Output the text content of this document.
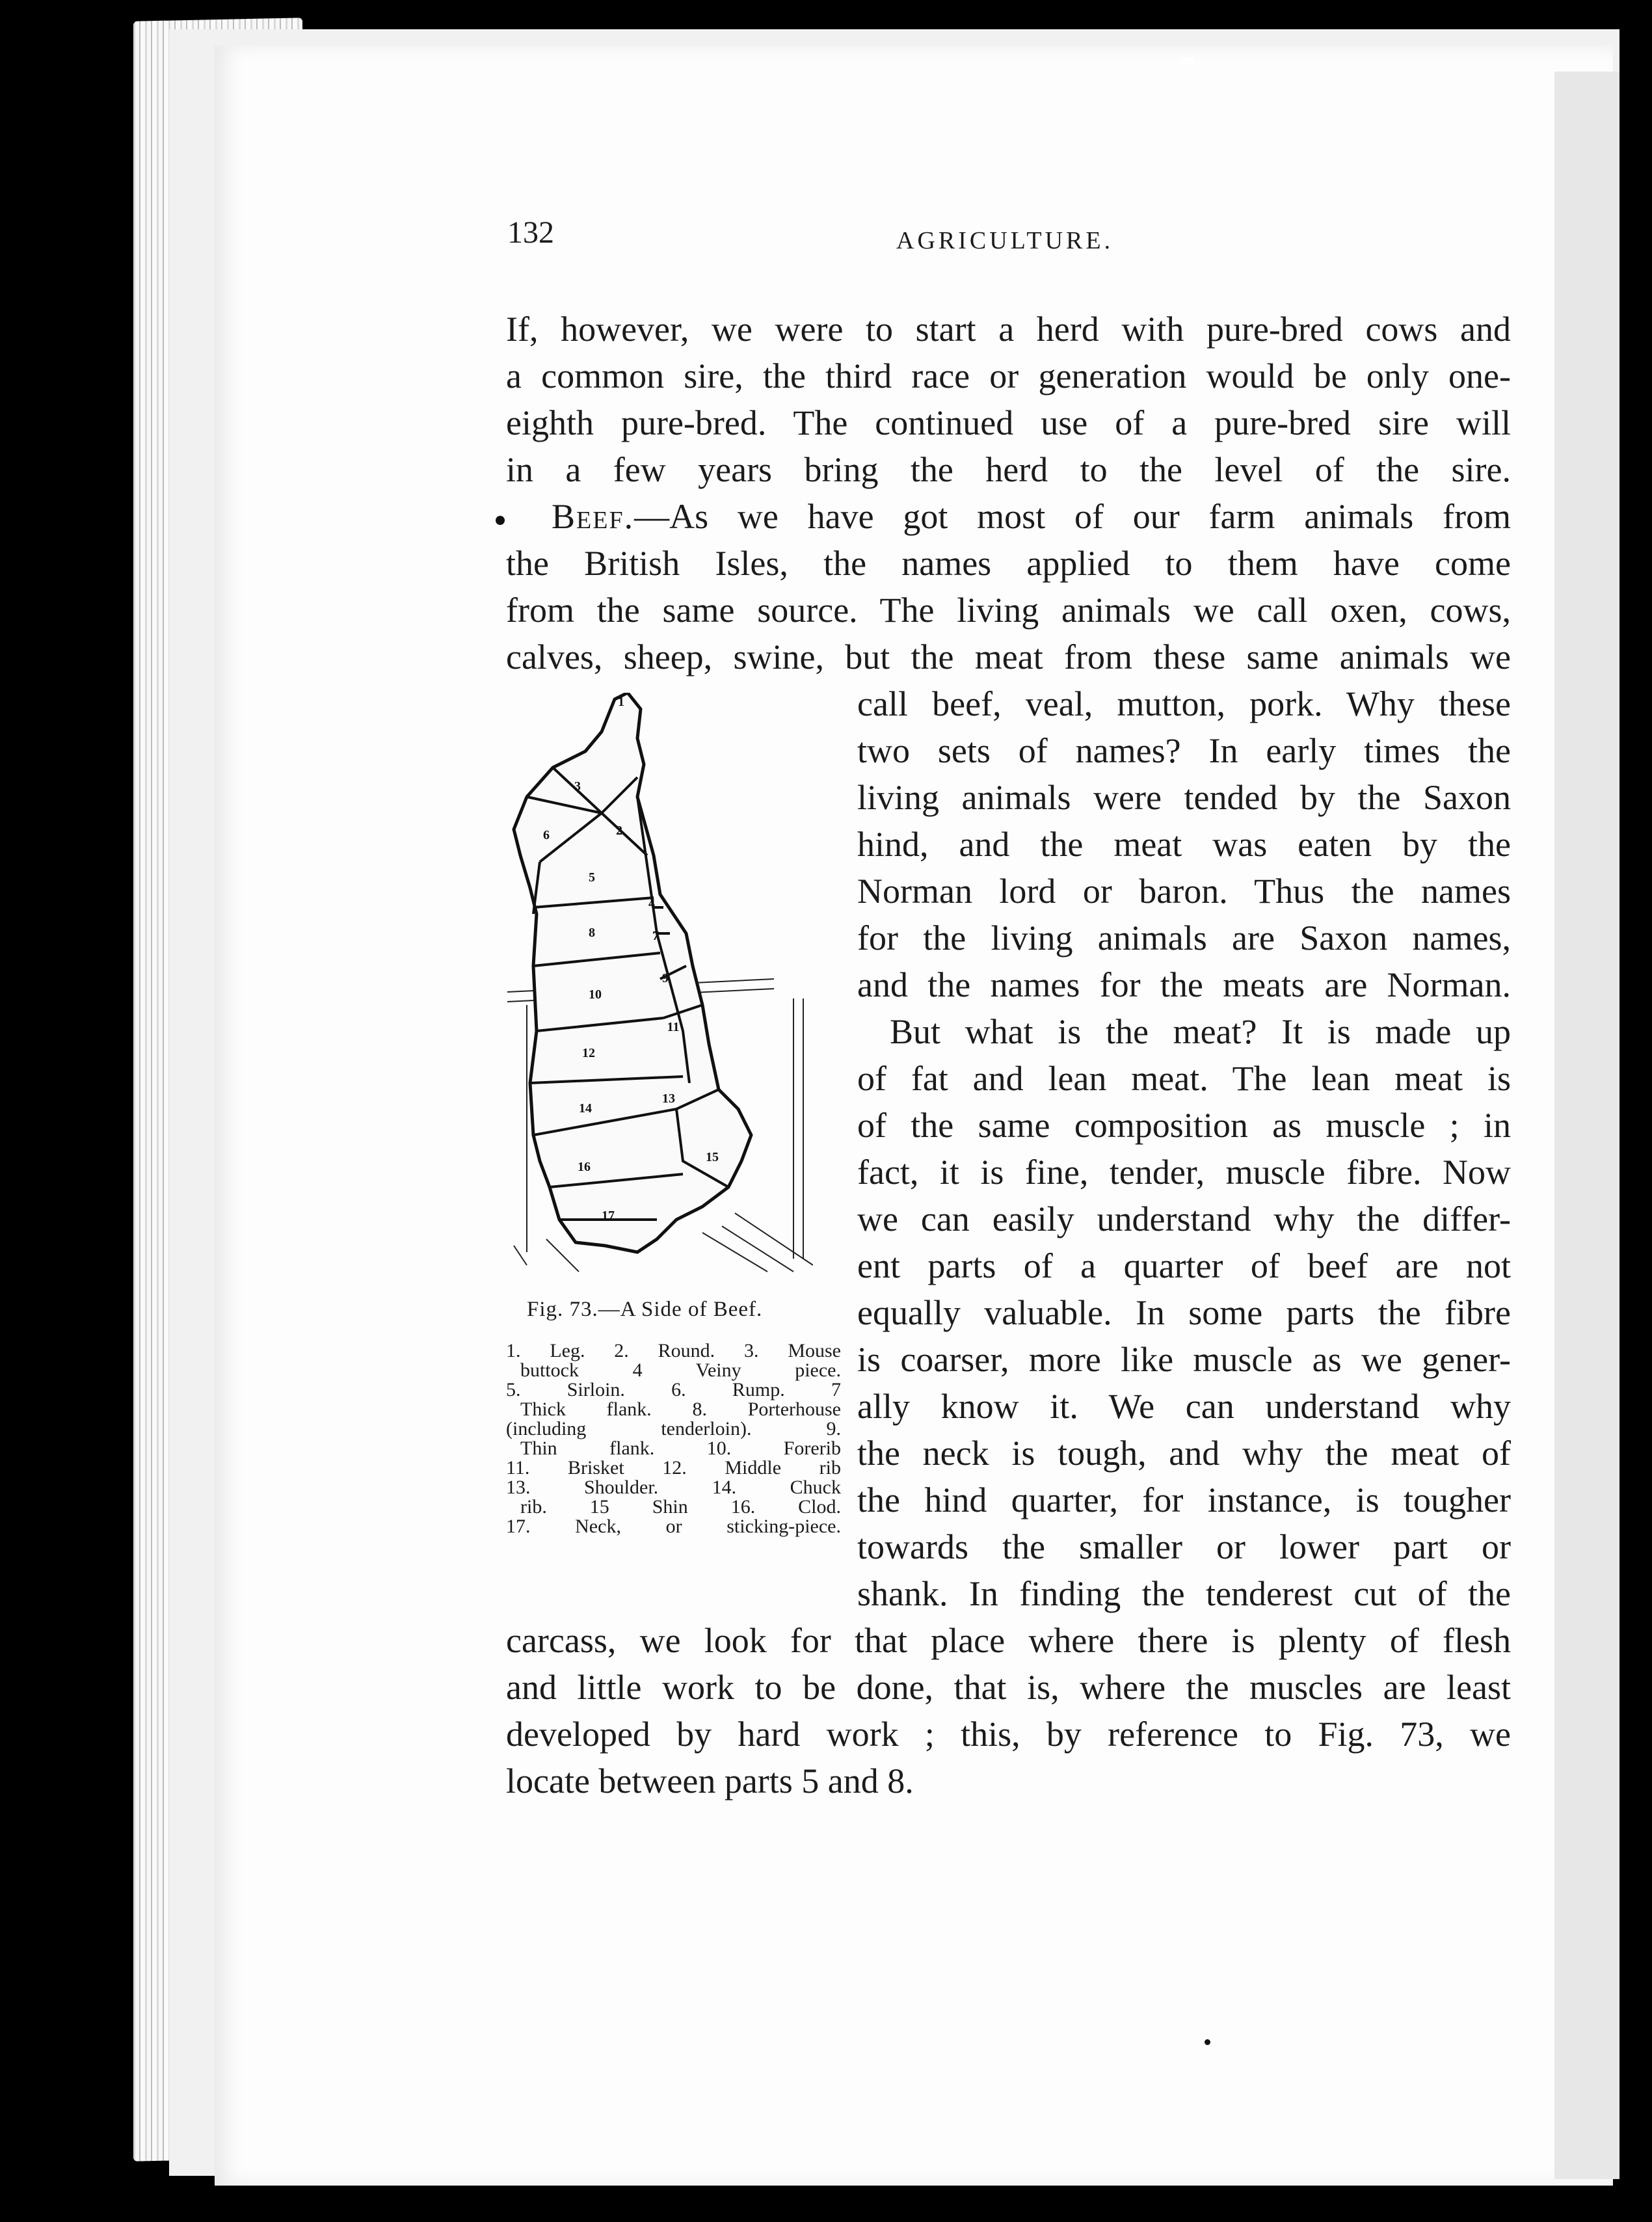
132	AGRICULTURE.

If, however, we were to start a herd with pure-bred cows and

a common sire, the third race or generation would be only one-

eighth pure-bred. The continued use of a pure-bred sire will

in a few years bring the herd to the level of the sire.

Beef.—As we have got most of our farm animals from

the British Isles, the names applied to them have come

from the same source. The living animals we call oxen, cows,

calves, sheep, swine, but the meat from these same animals we

call beef, veal, mutton, pork. Why these

two sets of names? In early times the

living animals were tended by the Saxon

hind, and the meat was eaten by the

Norman lord or baron. Thus the names

for the living animals are Saxon names,

and the names for the meats are Norman.

But what is the meat? It is made up

of fat and lean meat. The lean meat is

of the same composition as muscle ; in

fact, it is fine, tender, muscle fibre. Now

we can easily understand why the differ-

ent parts of a quarter of beef are not

equally valuable. In some parts the fibre

is coarser, more like muscle as we gener-

ally know it. We can understand why

the neck is tough, and why the meat of

the hind quarter, for instance, is tougher

towards the smaller or lower part or

shank. In finding the tenderest cut of the

carcass, we look for that place where there is plenty of flesh

and little work to be done, that is, where the muscles are least

developed by hard work ; this, by reference to Fig. 73, we

locate between parts 5 and 8.

3
6	2
5
4
8	7
9
10
11
12
13
14
15
16
17
1
Fig. 73.—A Side of Beef.

1. Leg. 2. Round. 3. Mouse

buttock 4 Veiny piece.

5. Sirloin. 6. Rump. 7

Thick flank. 8. Porterhouse

(including tenderloin). 9.

Thin flank. 10. Forerib

11. Brisket 12. Middle rib

13. Shoulder. 14. Chuck

rib. 15 Shin 16. Clod.

17. Neck, or sticking-piece.
